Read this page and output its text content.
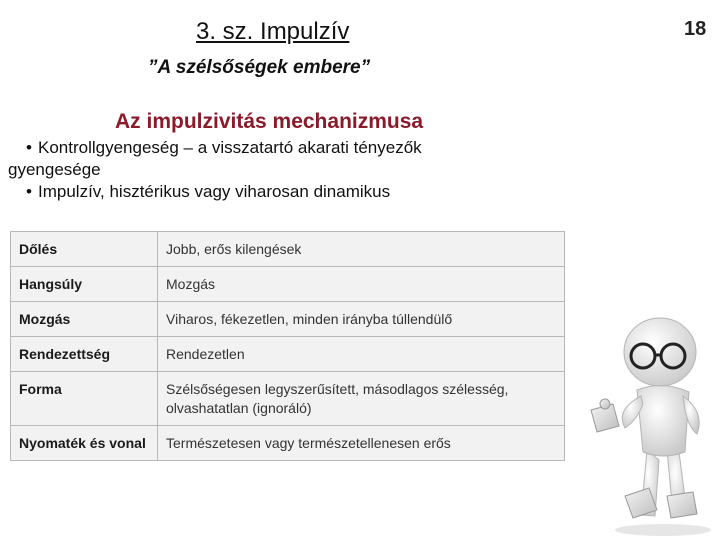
3. sz. Impulzív	18
”A szélsőségek embere”
Az impulzivitás mechanizmusa
• Kontrollgyengeség – a visszatartó akarati tényezők
gyengesége
• Impulzív, hisztérikus vagy viharosan dinamikus
Dőlés	Jobb, erős kilengések
Hangsúly	Mozgás
Mozgás	Viharos, fékezetlen, minden irányba túllendülő
Rendezettség	Rendezetlen
Forma	Szélsőségesen legyszerűsített, másodlagos szélesség, olvashatatlan (ignoráló)
Nyomaték és vonal	Természetesen vagy természetellenesen erős
